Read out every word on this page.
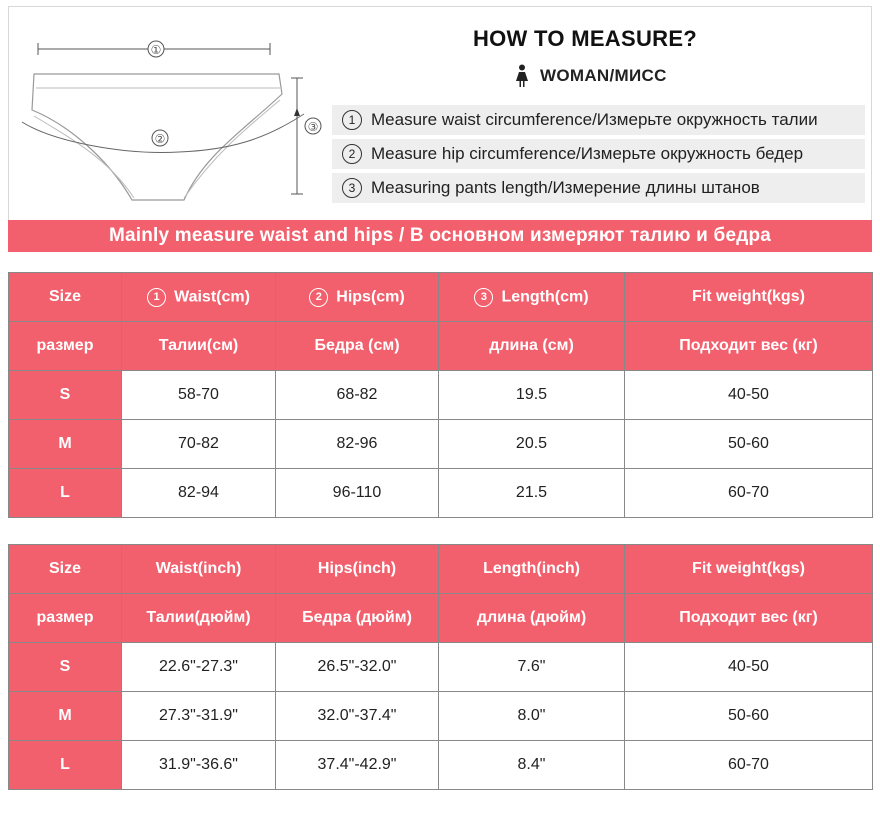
①
②
③
HOW TO MEASURE?
WOMAN/МИСС
1 Measure waist circumference/Измерьте окружность талии
2 Measure hip circumference/Измерьте окружность бедер
3 Measuring pants length/Измерение длины штанов
Mainly measure waist and hips / В основном измеряют талию и бедра
Size	1 Waist(cm)	2 Hips(cm)	3 Length(cm)	Fit weight(kgs)
размер	Талии(см)	Бедра (см)	длина (см)	Подходит вес (кг)
S	58-70	68-82	19.5	40-50
M	70-82	82-96	20.5	50-60
L	82-94	96-110	21.5	60-70
Size	Waist(inch)	Hips(inch)	Length(inch)	Fit weight(kgs)
размер	Талии(дюйм)	Бедра (дюйм)	длина (дюйм)	Подходит вес (кг)
S	22.6"-27.3"	26.5"-32.0"	7.6"	40-50
M	27.3"-31.9"	32.0"-37.4"	8.0"	50-60
L	31.9"-36.6"	37.4"-42.9"	8.4"	60-70
